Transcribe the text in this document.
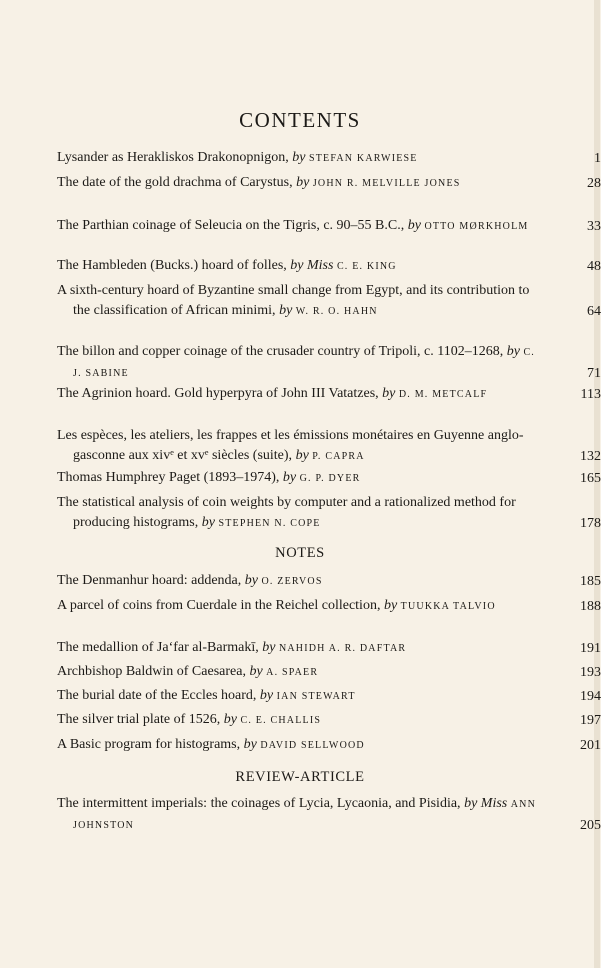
CONTENTS
Lysander as Herakliskos Drakonopnigon, by STEFAN KARWIESE	1
The date of the gold drachma of Carystus, by JOHN R. MELVILLE JONES	28
The Parthian coinage of Seleucia on the Tigris, c. 90–55 B.C., by OTTO MØRKHOLM	33
The Hambleden (Bucks.) hoard of folles, by Miss C. E. KING	48
A sixth-century hoard of Byzantine small change from Egypt, and its contribution to the classification of African minimi, by W. R. O. HAHN	64
The billon and copper coinage of the crusader country of Tripoli, c. 1102–1268, by C. J. SABINE	71
The Agrinion hoard. Gold hyperpyra of John III Vatatzes, by D. M. METCALF	113
Les espèces, les ateliers, les frappes et les émissions monétaires en Guyenne anglo-gasconne aux xivᵉ et xvᵉ siècles (suite), by P. CAPRA	132
Thomas Humphrey Paget (1893–1974), by G. P. DYER	165
The statistical analysis of coin weights by computer and a rationalized method for producing histograms, by STEPHEN N. COPE	178
NOTES
The Denmanhur hoard: addenda, by O. ZERVOS	185
A parcel of coins from Cuerdale in the Reichel collection, by TUUKKA TALVIO	188
The medallion of Ja‘far al-Barmakī, by NAHIDH A. R. DAFTAR	191
Archbishop Baldwin of Caesarea, by A. SPAER	193
The burial date of the Eccles hoard, by IAN STEWART	194
The silver trial plate of 1526, by C. E. CHALLIS	197
A Basic program for histograms, by DAVID SELLWOOD	201
REVIEW-ARTICLE
The intermittent imperials: the coinages of Lycia, Lycaonia, and Pisidia, by Miss ANN JOHNSTON	205
